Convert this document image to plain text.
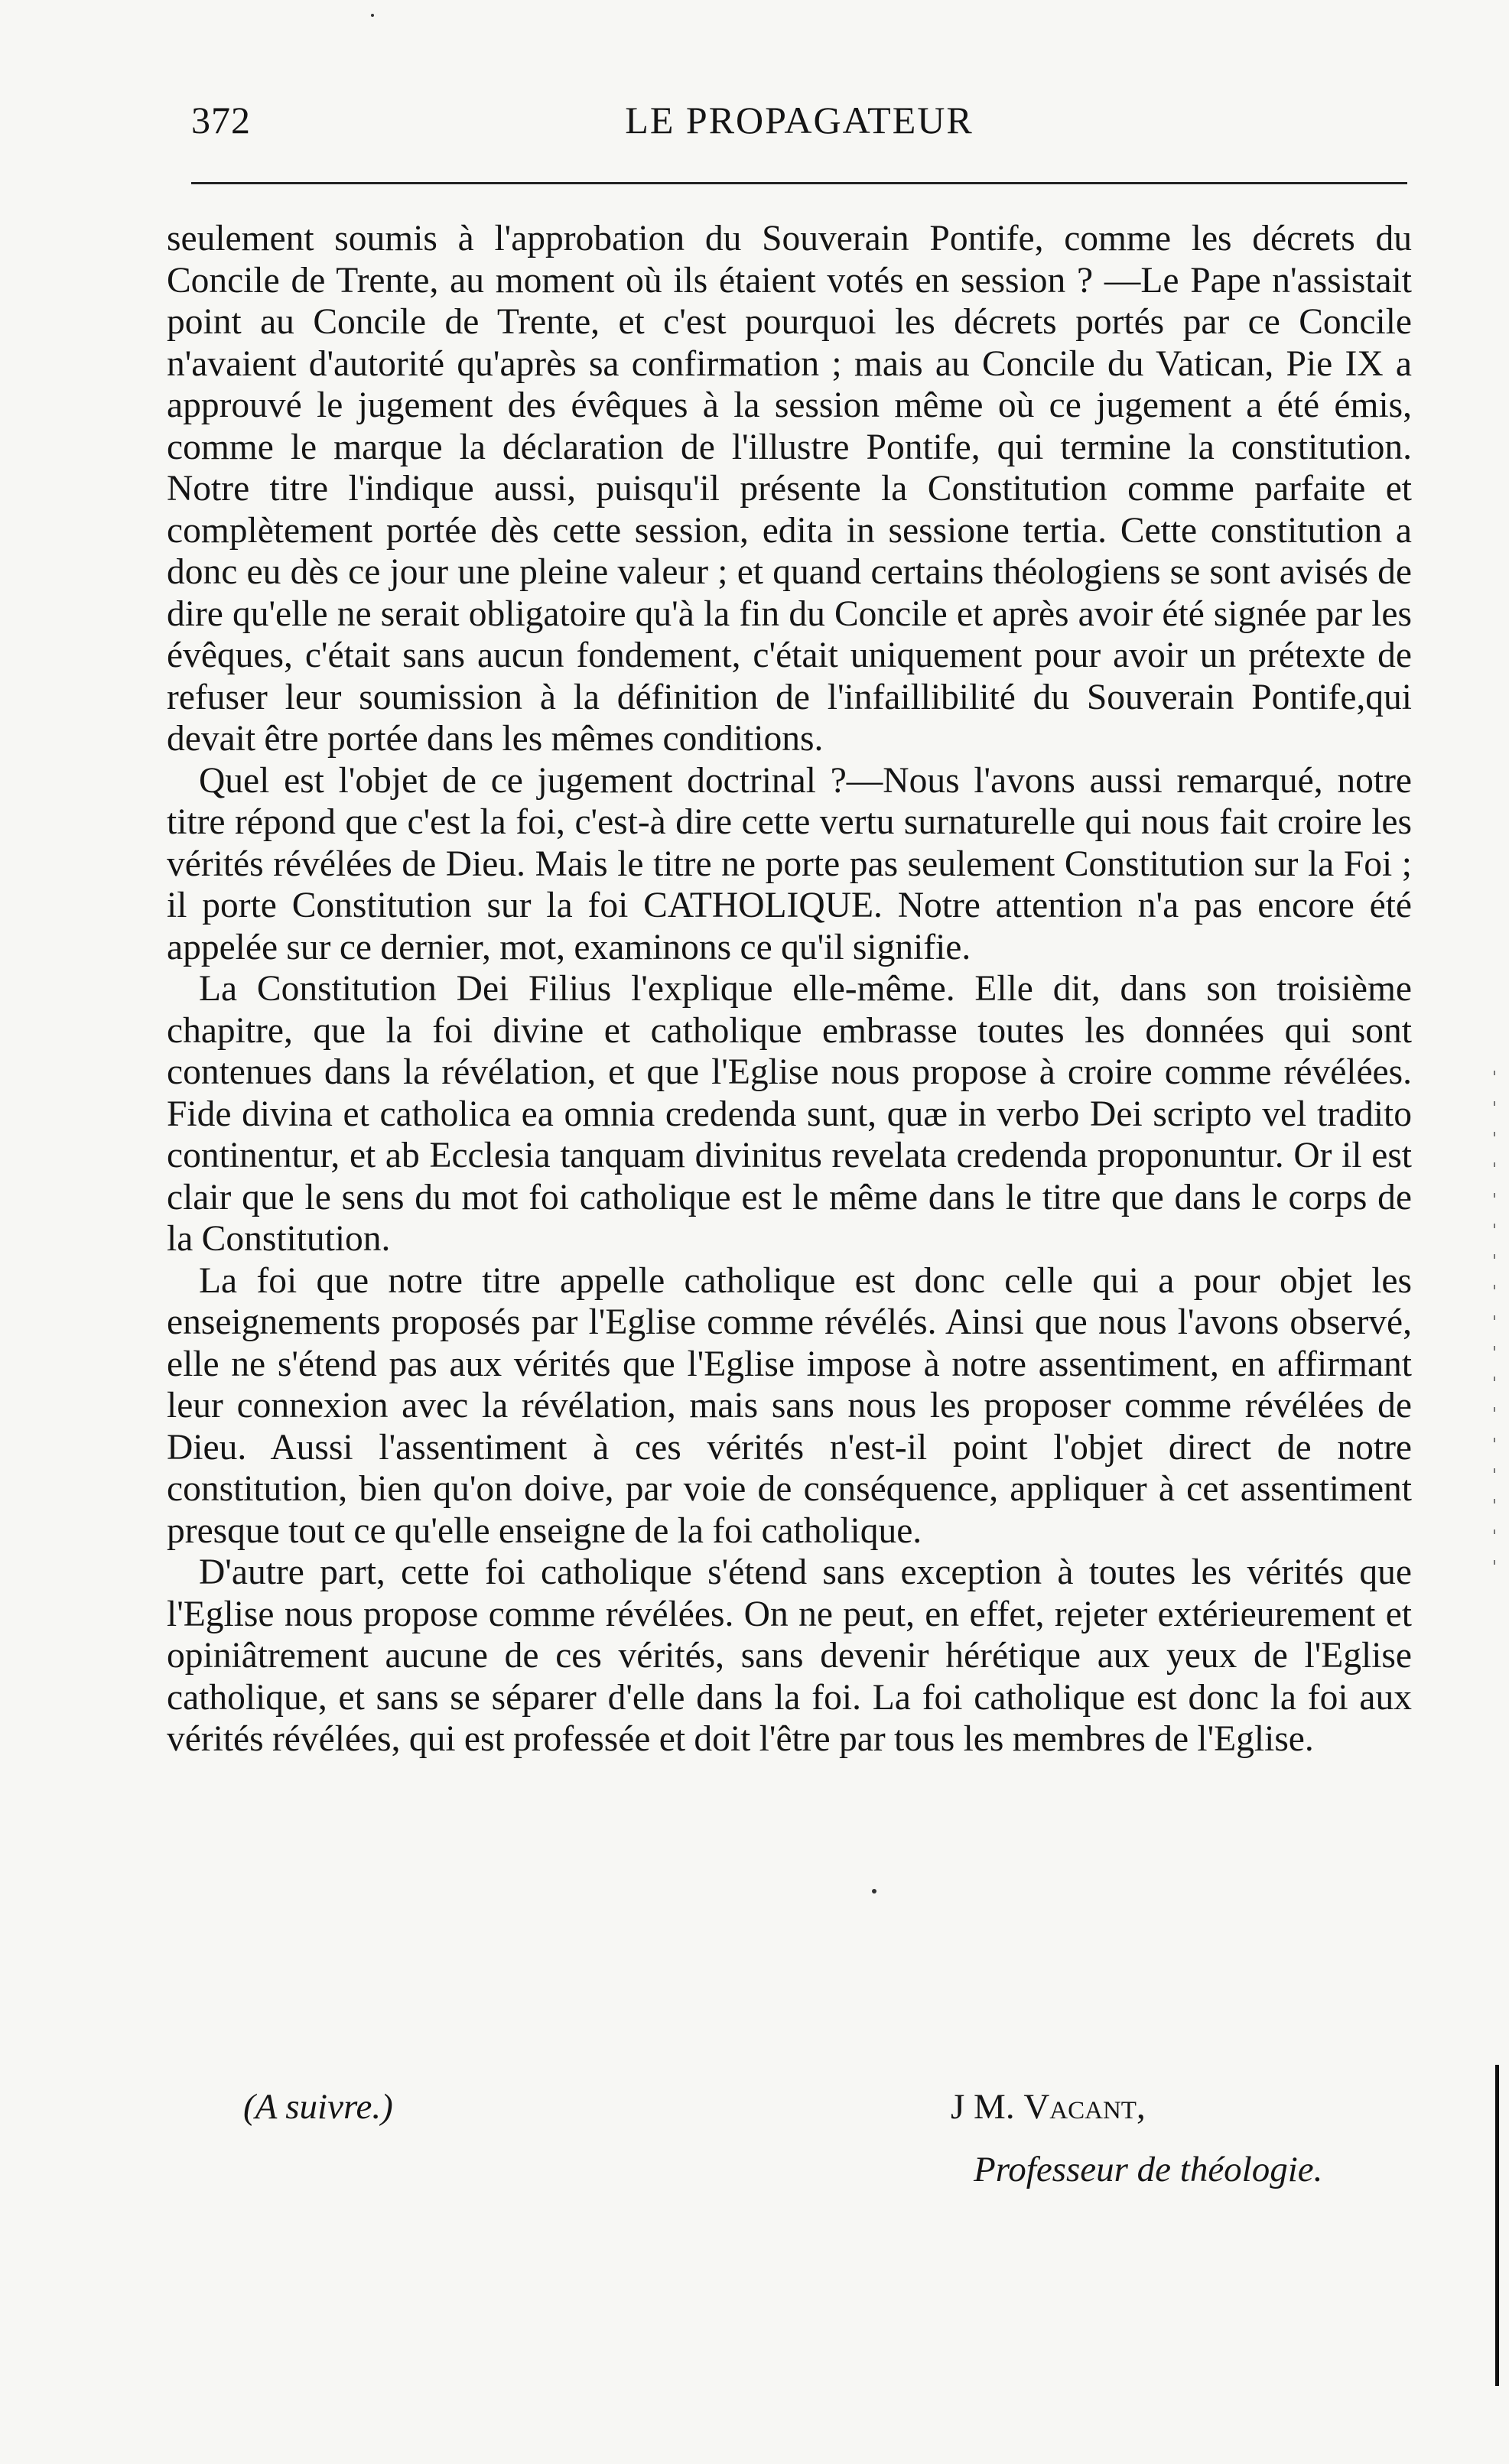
372	LE PROPAGATEUR

seulement soumis à l'approbation du Souverain Pontife, comme les décrets du Concile de Trente, au moment où ils étaient votés en session ? —Le Pape n'assistait point au Concile de Trente, et c'est pourquoi les décrets portés par ce Concile n'avaient d'autorité qu'après sa confirmation ; mais au Concile du Vatican, Pie IX a approuvé le jugement des évêques à la session même où ce jugement a été émis, comme le marque la déclaration de l'illustre Pontife, qui termine la constitution. Notre titre l'indique aussi, puisqu'il présente la Constitution comme parfaite et complètement portée dès cette session, edita in sessione tertia. Cette constitution a donc eu dès ce jour une pleine valeur ; et quand certains théologiens se sont avisés de dire qu'elle ne serait obligatoire qu'à la fin du Concile et après avoir été signée par les évêques, c'était sans aucun fondement, c'était uniquement pour avoir un prétexte de refuser leur soumission à la définition de l'infaillibilité du Souverain Pontife,qui devait être portée dans les mêmes conditions.

Quel est l'objet de ce jugement doctrinal ?—Nous l'avons aussi remarqué, notre titre répond que c'est la foi, c'est-à dire cette vertu surnaturelle qui nous fait croire les vérités révélées de Dieu. Mais le titre ne porte pas seulement Constitution sur la Foi ; il porte Constitution sur la foi CATHOLIQUE. Notre attention n'a pas encore été appelée sur ce dernier, mot, examinons ce qu'il signifie.

La Constitution Dei Filius l'explique elle-même. Elle dit, dans son troisième chapitre, que la foi divine et catholique embrasse toutes les données qui sont contenues dans la révélation, et que l'Eglise nous propose à croire comme révélées. Fide divina et catholica ea omnia credenda sunt, quæ in verbo Dei scripto vel tradito continentur, et ab Ecclesia tanquam divinitus revelata credenda proponuntur. Or il est clair que le sens du mot foi catholique est le même dans le titre que dans le corps de la Constitution.

La foi que notre titre appelle catholique est donc celle qui a pour objet les enseignements proposés par l'Eglise comme révélés. Ainsi que nous l'avons observé, elle ne s'étend pas aux vérités que l'Eglise impose à notre assentiment, en affirmant leur connexion avec la révélation, mais sans nous les proposer comme révélées de Dieu. Aussi l'assentiment à ces vérités n'est-il point l'objet direct de notre constitution, bien qu'on doive, par voie de conséquence, appliquer à cet assentiment presque tout ce qu'elle enseigne de la foi catholique.

D'autre part, cette foi catholique s'étend sans exception à toutes les vérités que l'Eglise nous propose comme révélées. On ne peut, en effet, rejeter extérieurement et opiniâtrement aucune de ces vérités, sans devenir hérétique aux yeux de l'Eglise catholique, et sans se séparer d'elle dans la foi. La foi catholique est donc la foi aux vérités révélées, qui est professée et doit l'être par tous les membres de l'Eglise.

(A suivre.)	J M. Vacant,
Professeur de théologie.
